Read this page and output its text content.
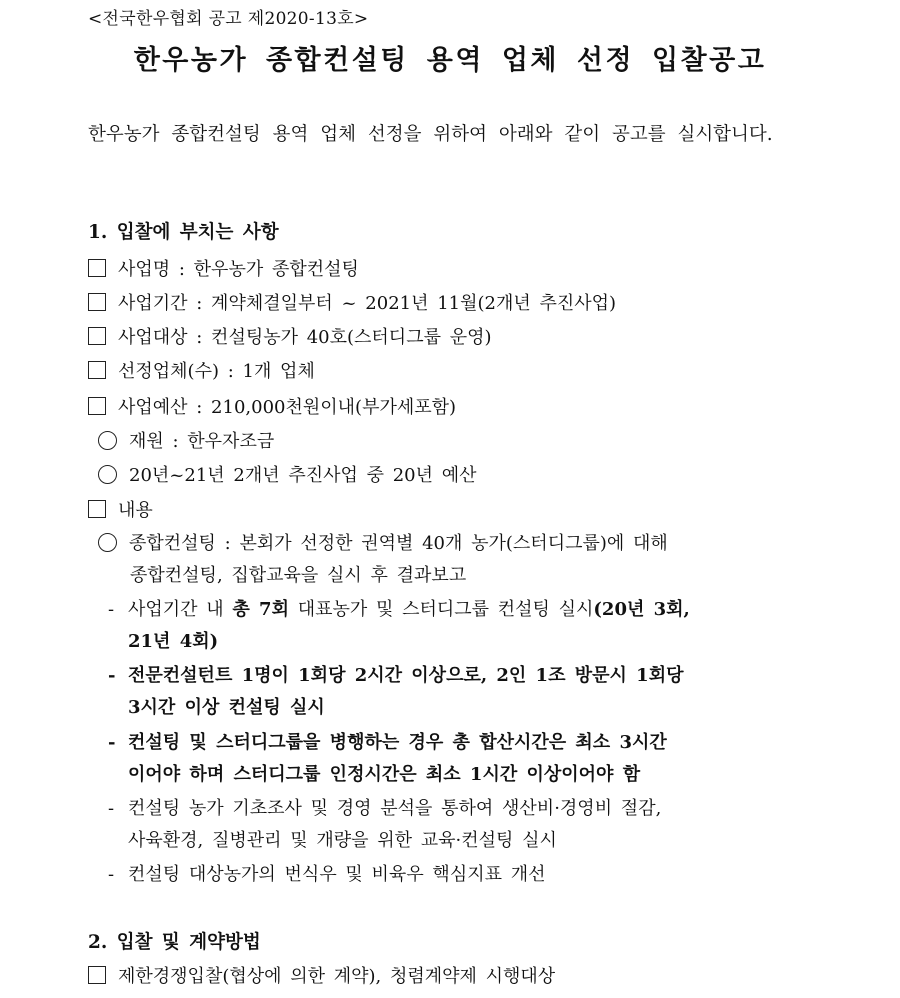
<전국한우협회 공고 제2020-13호>
한우농가 종합컨설팅 용역 업체 선정 입찰공고
한우농가 종합컨설팅 용역 업체 선정을 위하여 아래와 같이 공고를 실시합니다.
1. 입찰에 부치는 사항
사업명 : 한우농가 종합컨설팅
사업기간 : 계약체결일부터 ~ 2021년 11월(2개년 추진사업)
사업대상 : 컨설팅농가 40호(스터디그룹 운영)
선정업체(수) : 1개 업체
사업예산 : 210,000천원이내(부가세포함)
재원 : 한우자조금
20년~21년 2개년 추진사업 중 20년 예산
내용
종합컨설팅 : 본회가 선정한 권역별 40개 농가(스터디그룹)에 대해
종합컨설팅, 집합교육을 실시 후 결과보고
- 사업기간 내 총 7회 대표농가 및 스터디그룹 컨설팅 실시(20년 3회,
21년 4회)
- 전문컨설턴트 1명이 1회당 2시간 이상으로, 2인 1조 방문시 1회당
3시간 이상 컨설팅 실시
- 컨설팅 및 스터디그룹을 병행하는 경우 총 합산시간은 최소 3시간
이어야 하며 스터디그룹 인정시간은 최소 1시간 이상이어야 함
- 컨설팅 농가 기초조사 및 경영 분석을 통하여 생산비·경영비 절감,
사육환경, 질병관리 및 개량을 위한 교육·컨설팅 실시
- 컨설팅 대상농가의 번식우 및 비육우 핵심지표 개선
2. 입찰 및 계약방법
제한경쟁입찰(협상에 의한 계약), 청렴계약제 시행대상
